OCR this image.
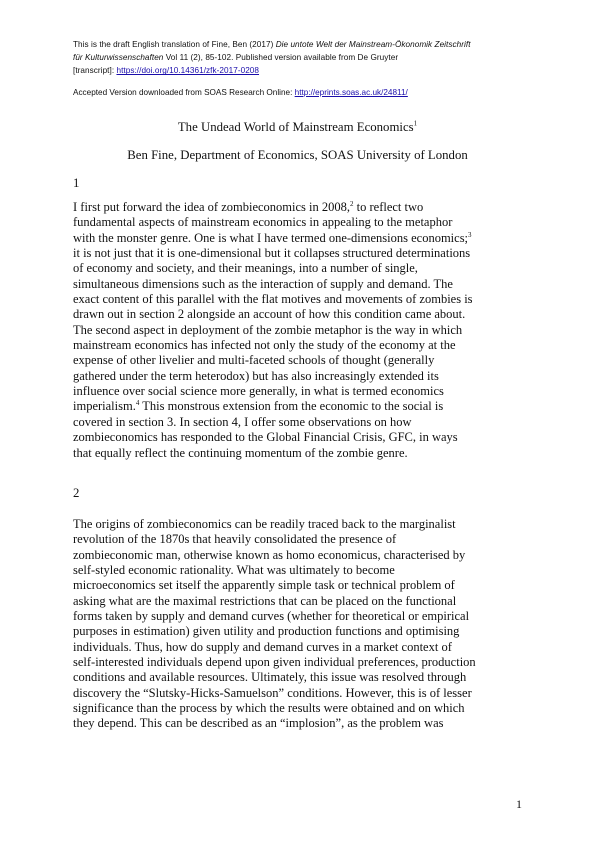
This is the draft English translation of Fine, Ben (2017) Die untote Welt der Mainstream-Ökonomik Zeitschrift

für Kulturwissenschaften Vol 11 (2), 85-102. Published version available from De Gruyter

[transcript]: https://doi.org/10.14361/zfk-2017-0208

Accepted Version downloaded from SOAS Research Online: http://eprints.soas.ac.uk/24811/
The Undead World of Mainstream Economics$^1$
Ben Fine, Department of Economics, SOAS University of London
1
I first put forward the idea of zombieconomics in 2008,$^2$ to reflect two
fundamental aspects of mainstream economics in appealing to the metaphor
with the monster genre. One is what I have termed one-dimensions economics;$^3$
it is not just that it is one-dimensional but it collapses structured determinations
of economy and society, and their meanings, into a number of single,
simultaneous dimensions such as the interaction of supply and demand. The
exact content of this parallel with the flat motives and movements of zombies is
drawn out in section 2 alongside an account of how this condition came about.
The second aspect in deployment of the zombie metaphor is the way in which
mainstream economics has infected not only the study of the economy at the
expense of other livelier and multi-faceted schools of thought (generally
gathered under the term heterodox) but has also increasingly extended its
influence over social science more generally, in what is termed economics
imperialism.$^4$ This monstrous extension from the economic to the social is
covered in section 3. In section 4, I offer some observations on how
zombieconomics has responded to the Global Financial Crisis, GFC, in ways
that equally reflect the continuing momentum of the zombie genre.
2
The origins of zombieconomics can be readily traced back to the marginalist
revolution of the 1870s that heavily consolidated the presence of
zombieconomic man, otherwise known as homo economicus, characterised by
self-styled economic rationality. What was ultimately to become
microeconomics set itself the apparently simple task or technical problem of
asking what are the maximal restrictions that can be placed on the functional
forms taken by supply and demand curves (whether for theoretical or empirical
purposes in estimation) given utility and production functions and optimising
individuals. Thus, how do supply and demand curves in a market context of
self-interested individuals depend upon given individual preferences, production
conditions and available resources. Ultimately, this issue was resolved through
discovery the “Slutsky-Hicks-Samuelson” conditions. However, this is of lesser
significance than the process by which the results were obtained and on which
they depend. This can be described as an “implosion”, as the problem was
1
